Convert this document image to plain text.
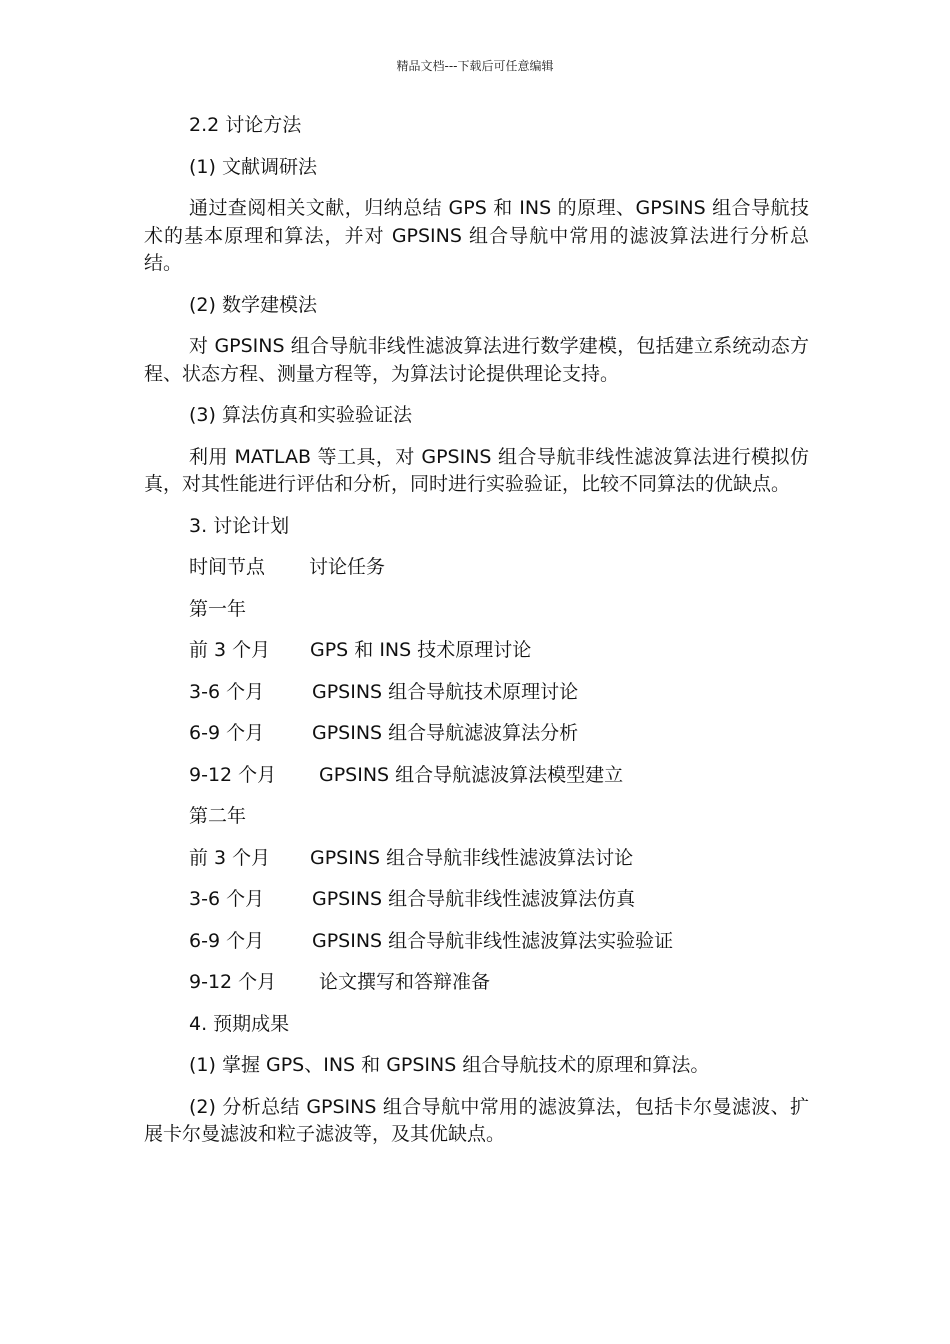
精品文档---下载后可任意编辑

2.2 讨论方法

(1) 文献调研法

通过查阅相关文献，归纳总结 GPS 和 INS 的原理、GPSINS 组合导航技术的基本原理和算法，并对 GPSINS 组合导航中常用的滤波算法进行分析总结。

(2) 数学建模法

对 GPSINS 组合导航非线性滤波算法进行数学建模，包括建立系统动态方程、状态方程、测量方程等，为算法讨论提供理论支持。

(3) 算法仿真和实验验证法

利用 MATLAB 等工具，对 GPSINS 组合导航非线性滤波算法进行模拟仿真，对其性能进行评估和分析，同时进行实验验证，比较不同算法的优缺点。

3. 讨论计划

时间节点 讨论任务

第一年

前 3 个月 GPS 和 INS 技术原理讨论

3-6 个月	GPSINS 组合导航技术原理讨论

6-9 个月	GPSINS 组合导航滤波算法分析

9-12 个月 GPSINS 组合导航滤波算法模型建立

第二年

前 3 个月 GPSINS 组合导航非线性滤波算法讨论

3-6 个月	GPSINS 组合导航非线性滤波算法仿真

6-9 个月	GPSINS 组合导航非线性滤波算法实验验证

9-12 个月 论文撰写和答辩准备

4. 预期成果

(1) 掌握 GPS、INS 和 GPSINS 组合导航技术的原理和算法。

(2) 分析总结 GPSINS 组合导航中常用的滤波算法，包括卡尔曼滤波、扩展卡尔曼滤波和粒子滤波等，及其优缺点。
